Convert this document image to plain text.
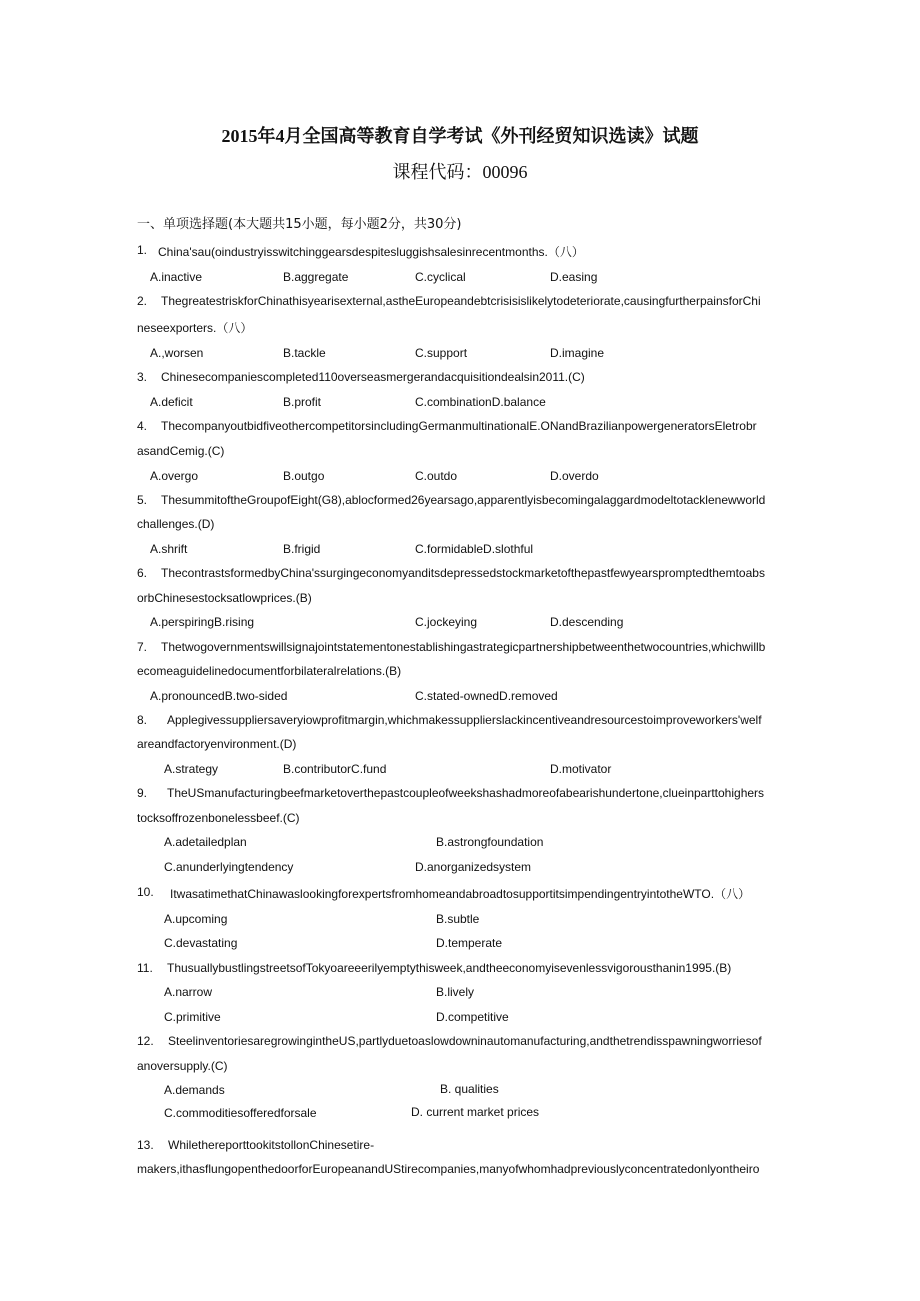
2015年4月全国高等教育自学考试《外刊经贸知识选读》试题
课程代码：00096
一、单项选择题(本大题共15小题，每小题2分，共30分)
1. China'sau(oindustryisswitchinggearsdespitesluggishsalesinrecentmonths.（八）
A.inactive	B.aggregate	C.cyclical	D.easing
2. ThegreatestriskforChinathisyearisexternal,astheEuropeandebtcrisisislikelytodeteriorate,causingfurtherpainsforChi
neseexporters.（八）
A.,worsen	B.tackle	C.support	D.imagine
3. Chinesecompaniescompleted110overseasmergerandacquisitiondealsin2011.(C)
A.deficit	B.profit	C.combinationD.balance
4. ThecompanyoutbidfiveothercompetitorsincludingGermanmultinationalE.ONandBrazilianpowergeneratorsEletrobr
asandCemig.(C)
A.overgo	B.outgo	C.outdo	D.overdo
5. ThesummitoftheGroupofEight(G8),ablocformed26yearsago,apparentlyisbecomingalaggardmodeltotacklenewworld
challenges.(D)
A.shrift	B.frigid	C.formidableD.slothful
6. ThecontrastsformedbyChina'ssurgingeconomyanditsdepressedstockmarketofthepastfewyearspromptedthemtoabs
orbChinesestocksatlowprices.(B)
A.perspiringB.rising	C.jockeying	D.descending
7. Thetwogovernmentswillsignajointstatementonestablishingastrategicpartnershipbetweenthetwocountries,whichwillb
ecomeaguidelinedocumentforbilateralrelations.(B)
A.pronouncedB.two-sided	C.stated-ownedD.removed
8. Applegivessuppliersaveryiowprofitmargin,whichmakessupplierslackincentiveandresourcestoimproveworkers'welf
areandfactoryenvironment.(D)
A.strategy	B.contributorC.fund	D.motivator
9. TheUSmanufacturingbeefmarketoverthepastcoupleofweekshashadmoreofabearishundertone,clueinparttohighers
tocksoffrozenbonelessbeef.(C)
A.adetailedplan	B.astrongfoundation
C.anunderlyingtendency	D.anorganizedsystem
10. ItwasatimethatChinawaslookingforexpertsfromhomeandabroadtosupportitsimpendingentryintotheWTO.（八）
A.upcoming	B.subtle
C.devastating	D.temperate
11. ThusuallybustlingstreetsofTokyoareeerilyemptythisweek,andtheeconomyisevenlessvigorousthanin1995.(B)
A.narrow	B.lively
C.primitive	D.competitive
12. SteelinventoriesaregrowingintheUS,partlyduetoaslowdowninautomanufacturing,andthetrendisspawningworriesof
anoversupply.(C)
A.demands	B. qualities
C.commoditiesofferedforsale	D. current market prices
13. WhilethereporttookitstollonChinesetire-
makers,ithasflungopenthedoorforEuropeanandUStirecompanies,manyofwhomhadpreviouslyconcentratedonlyontheiro
